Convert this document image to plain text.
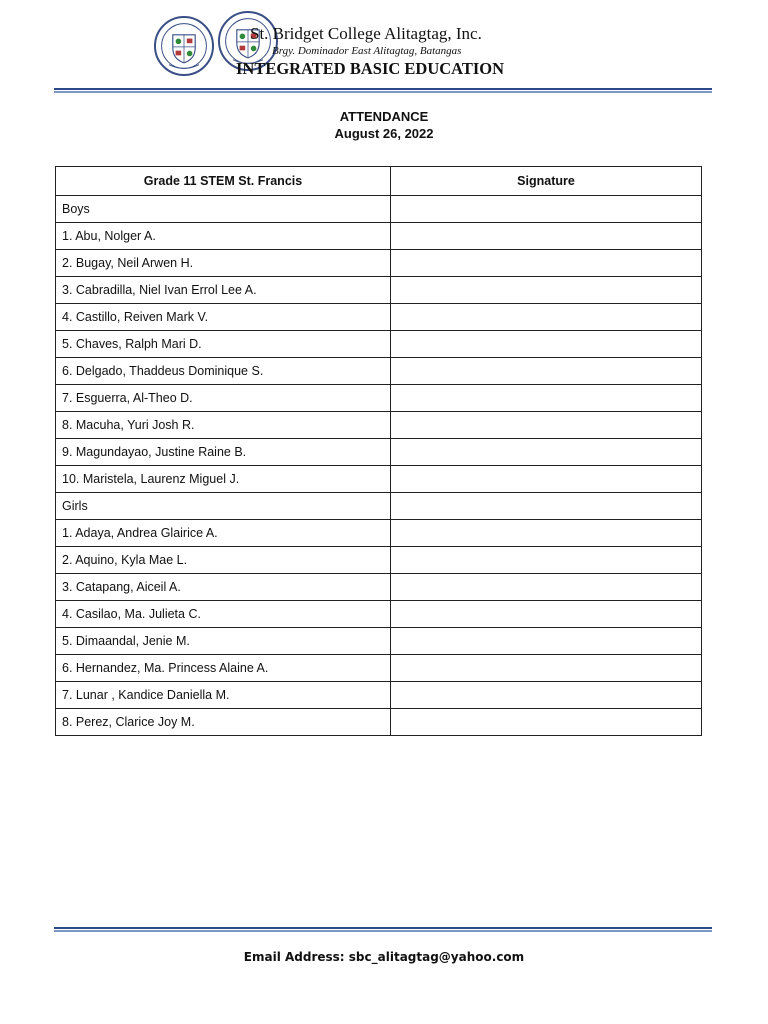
St. Bridget College Alitagtag, Inc.
Brgy. Dominador East Alitagtag, Batangas
INTEGRATED BASIC EDUCATION
ATTENDANCE
August 26, 2022
Grade 11 STEM St. Francis	Signature
Boys	
1. Abu, Nolger A.	
2. Bugay, Neil Arwen H.	
3. Cabradilla, Niel Ivan Errol Lee A.	
4. Castillo, Reiven Mark V.	
5. Chaves, Ralph Mari D.	
6. Delgado, Thaddeus Dominique S.	
7. Esguerra, Al-Theo D.	
8. Macuha, Yuri Josh R.	
9. Magundayao, Justine Raine B.	
10. Maristela, Laurenz Miguel J.	
Girls	
1. Adaya, Andrea Glairice A.	
2. Aquino, Kyla Mae L.	
3. Catapang, Aiceil A.	
4. Casilao, Ma. Julieta C.	
5. Dimaandal, Jenie M.	
6. Hernandez, Ma. Princess Alaine A.	
7. Lunar , Kandice Daniella M.	
8. Perez, Clarice Joy M.	
Email Address: sbc_alitagtag@yahoo.com
